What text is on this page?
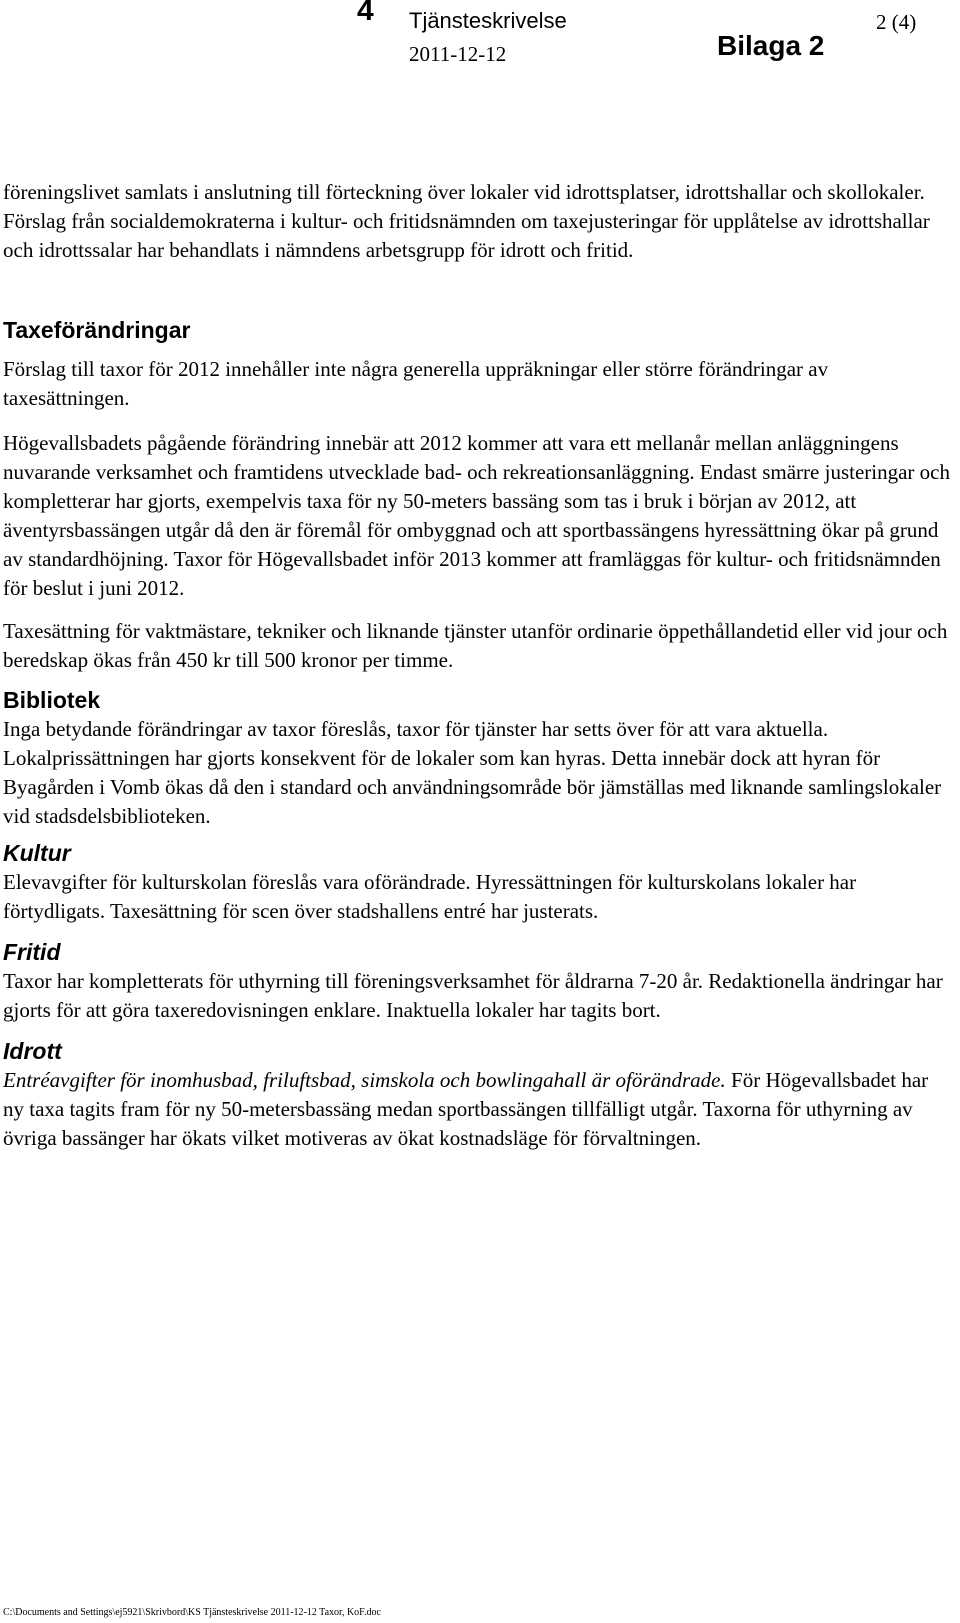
4 Tjänsteskrivelse	2 (4)
2011-12-12	Bilaga 2

föreningslivet samlats i anslutning till förteckning över lokaler vid idrottsplatser, idrottshallar och skollokaler. Förslag från socialdemokraterna i kultur- och fritidsnämnden om taxejusteringar för upplåtelse av idrottshallar och idrottssalar har behandlats i nämndens arbetsgrupp för idrott och fritid.

Taxeförändringar

Förslag till taxor för 2012 innehåller inte några generella uppräkningar eller större förändringar av taxesättningen.

Högevallsbadets pågående förändring innebär att 2012 kommer att vara ett mellanår mellan anläggningens nuvarande verksamhet och framtidens utvecklade bad- och rekreationsanläggning. Endast smärre justeringar och kompletterar har gjorts, exempelvis taxa för ny 50-meters bassäng som tas i bruk i början av 2012, att äventyrsbassängen utgår då den är föremål för ombyggnad och att sportbassängens hyressättning ökar på grund av standardhöjning. Taxor för Högevallsbadet inför 2013 kommer att framläggas för kultur- och fritidsnämnden för beslut i juni 2012.

Taxesättning för vaktmästare, tekniker och liknande tjänster utanför ordinarie öppethållandetid eller vid jour och beredskap ökas från 450 kr till 500 kronor per timme.

Bibliotek

Inga betydande förändringar av taxor föreslås, taxor för tjänster har setts över för att vara aktuella. Lokalprissättningen har gjorts konsekvent för de lokaler som kan hyras. Detta innebär dock att hyran för Byagården i Vomb ökas då den i standard och användningsområde bör jämställas med liknande samlingslokaler vid stadsdelsbiblioteken.

Kultur

Elevavgifter för kulturskolan föreslås vara oförändrade. Hyressättningen för kulturskolans lokaler har förtydligats. Taxesättning för scen över stadshallens entré har justerats.

Fritid

Taxor har kompletterats för uthyrning till föreningsverksamhet för åldrarna 7-20 år. Redaktionella ändringar har gjorts för att göra taxeredovisningen enklare. Inaktuella lokaler har tagits bort.

Idrott

Entréavgifter för inomhusbad, friluftsbad, simskola och bowlingahall är oförändrade. För Högevallsbadet har ny taxa tagits fram för ny 50-metersbassäng medan sportbassängen tillfälligt utgår. Taxorna för uthyrning av övriga bassänger har ökats vilket motiveras av ökat kostnadsläge för förvaltningen.

C:\Documents and Settings\ej5921\Skrivbord\KS Tjänsteskrivelse 2011-12-12 Taxor, KoF.doc
